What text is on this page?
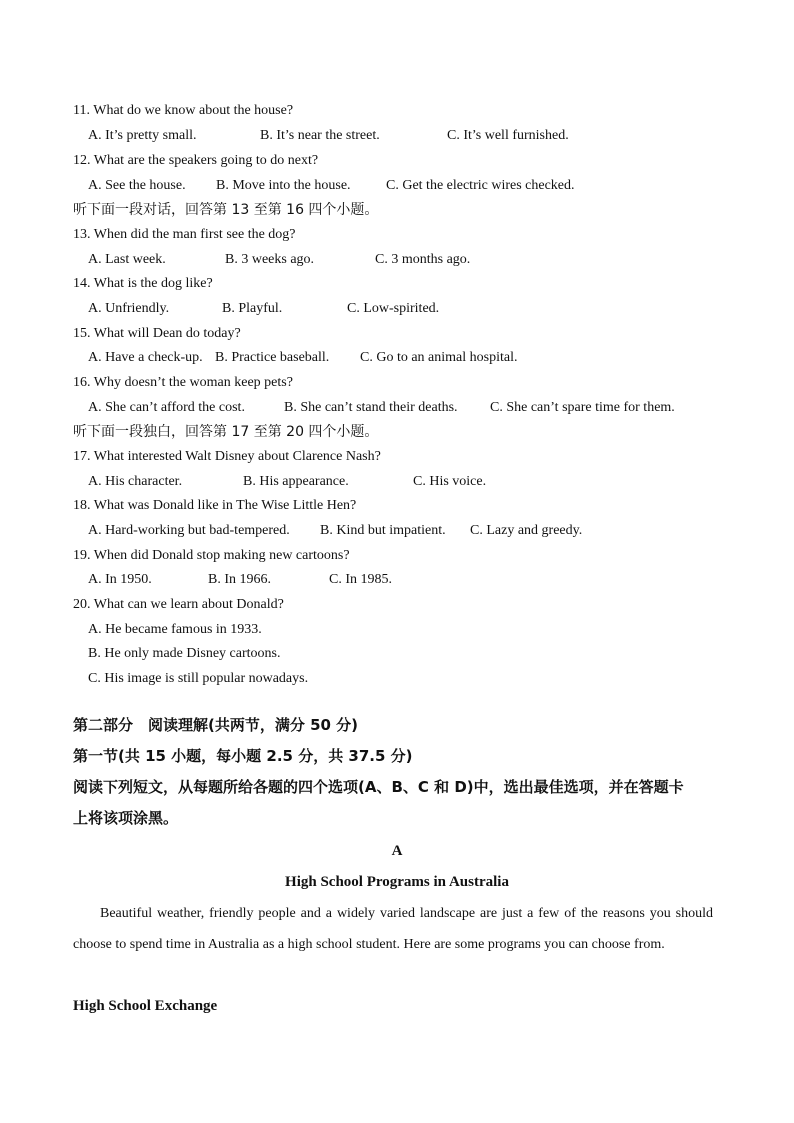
11. What do we know about the house?
A. It’s pretty small.	B. It’s near the street.	C. It’s well furnished.
12. What are the speakers going to do next?
A. See the house.	B. Move into the house.	C. Get the electric wires checked.
听下面一段对话，回答第 13 至第 16 四个小题。
13. When did the man first see the dog?
A. Last week.	B. 3 weeks ago.	C. 3 months ago.
14. What is the dog like?
A. Unfriendly.	B. Playful.	C. Low-spirited.
15. What will Dean do today?
A. Have a check-up. B. Practice baseball.	C. Go to an animal hospital.
16. Why doesn’t the woman keep pets?
A. She can’t afford the cost.	B. She can’t stand their deaths.	C. She can’t spare time for them.
听下面一段独白，回答第 17 至第 20 四个小题。
17. What interested Walt Disney about Clarence Nash?
A. His character.	B. His appearance.	C. His voice.
18. What was Donald like in The Wise Little Hen?
A. Hard-working but bad-tempered.	B. Kind but impatient.	C. Lazy and greedy.
19. When did Donald stop making new cartoons?
A. In 1950.	B. In 1966.	C. In 1985.
20. What can we learn about Donald?
A. He became famous in 1933.
B. He only made Disney cartoons.
C. His image is still popular nowadays.
第二部分　阅读理解(共两节，满分 50 分)
第一节(共 15 小题，每小题 2.5 分，共 37.5 分)
阅读下列短文，从每题所给各题的四个选项(A、B、C 和 D)中，选出最佳选项，并在答题卡
上将该项涂黑。
A
High School Programs in Australia
Beautiful weather, friendly people and a widely varied landscape are just a few of the reasons you should choose to spend time in Australia as a high school student. Here are some programs you can choose from.
High School Exchange
